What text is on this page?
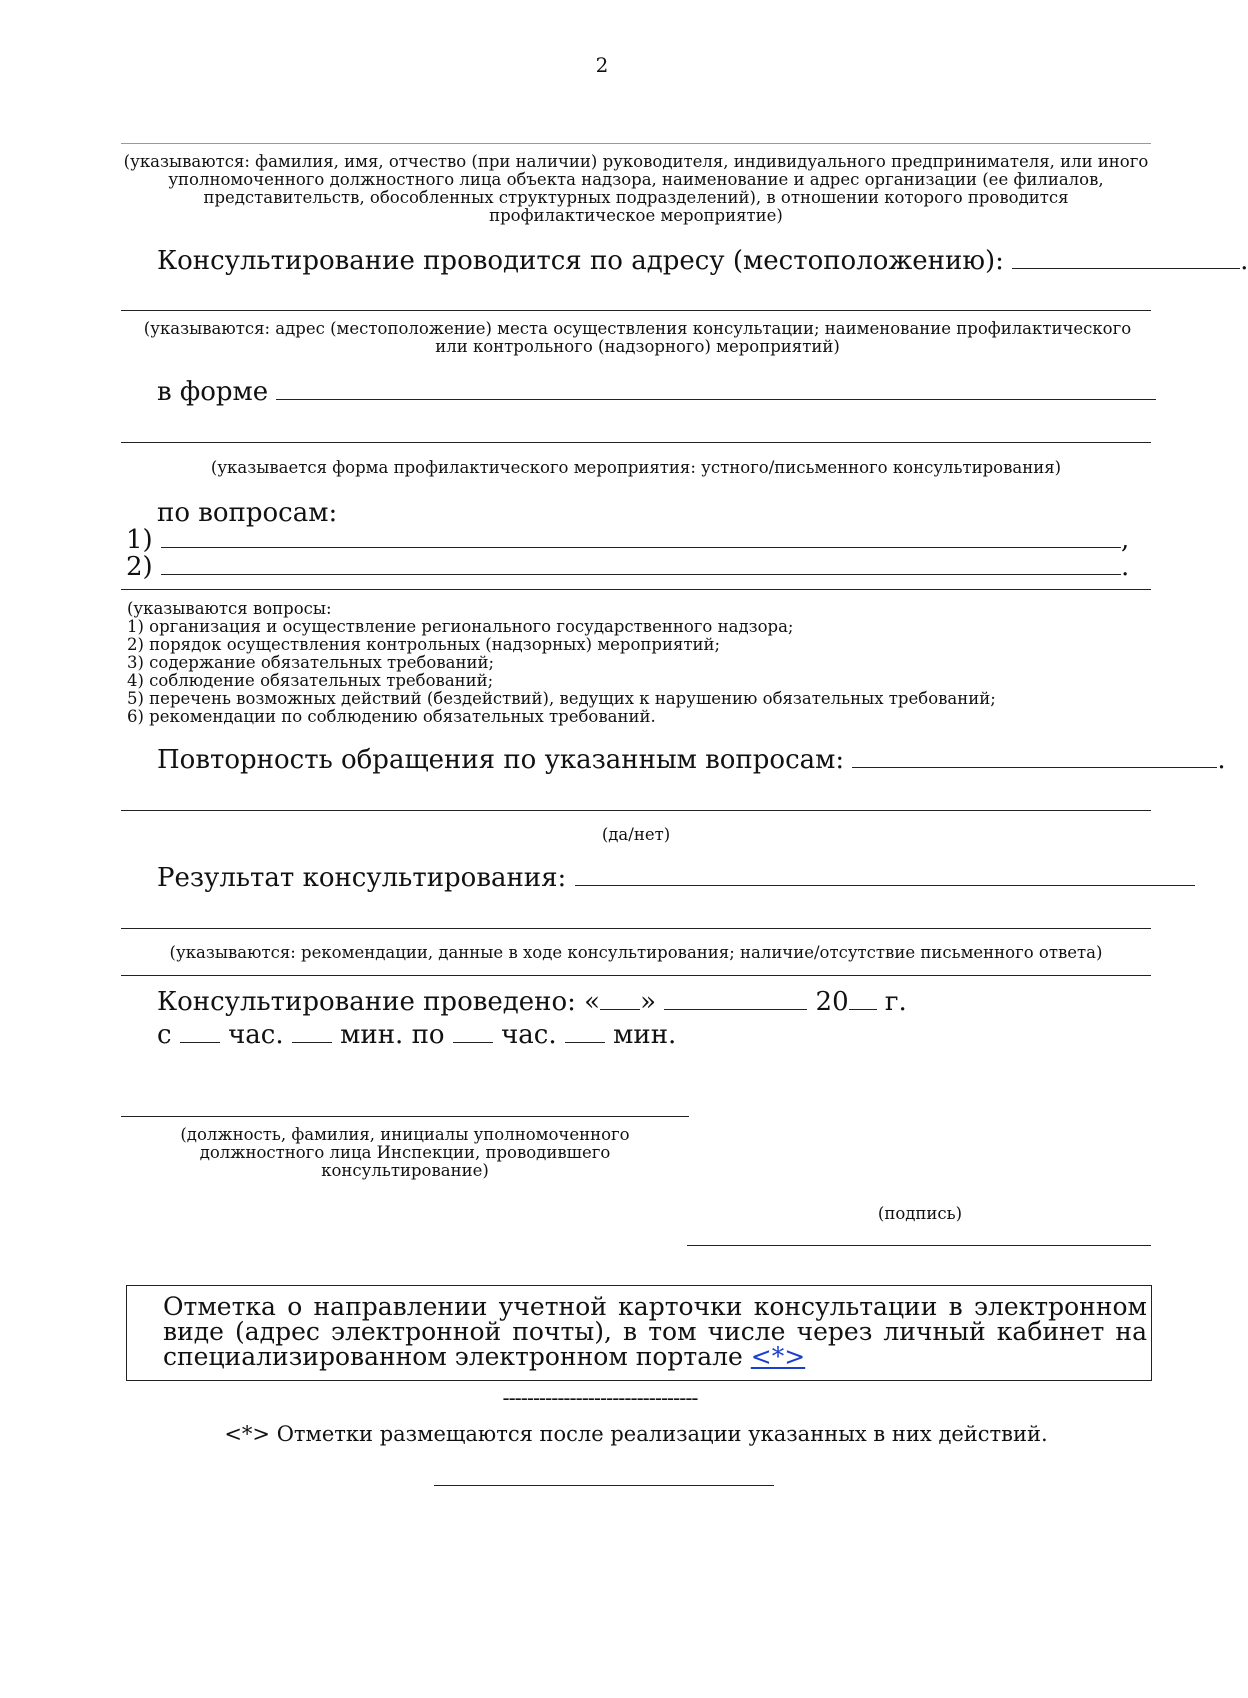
2
(указываются: фамилия, имя, отчество (при наличии) руководителя, индивидуального предпринимателя, или иного уполномоченного должностного лица объекта надзора, наименование и адрес организации (ее филиалов, представительств, обособленных структурных подразделений), в отношении которого проводится профилактическое мероприятие)
Консультирование проводится по адресу (местоположению):	.
(указываются: адрес (местоположение) места осуществления консультации; наименование профилактического или контрольного (надзорного) мероприятий)
в форме
(указывается форма профилактического мероприятия: устного/письменного консультирования)
по вопросам:
1)	,
2)	.
(указываются вопросы:
1) организация и осуществление регионального государственного надзора;
2) порядок осуществления контрольных (надзорных) мероприятий;
3) содержание обязательных требований;
4) соблюдение обязательных требований;
5) перечень возможных действий (бездействий), ведущих к нарушению обязательных требований;
6) рекомендации по соблюдению обязательных требований.
Повторность обращения по указанным вопросам:	.
(да/нет)
Результат консультирования:
(указываются: рекомендации, данные в ходе консультирования; наличие/отсутствие письменного ответа)
Консультирование проведено: « »	20 г.
с час. мин. по час. мин.
(должность, фамилия, инициалы уполномоченного должностного лица Инспекции, проводившего консультирование)
(подпись)
Отметка о направлении учетной карточки консультации в электронном виде (адрес электронной почты), в том числе через личный кабинет на специализированном электронном портале <*>
--------------------------------
<*> Отметки размещаются после реализации указанных в них действий.
